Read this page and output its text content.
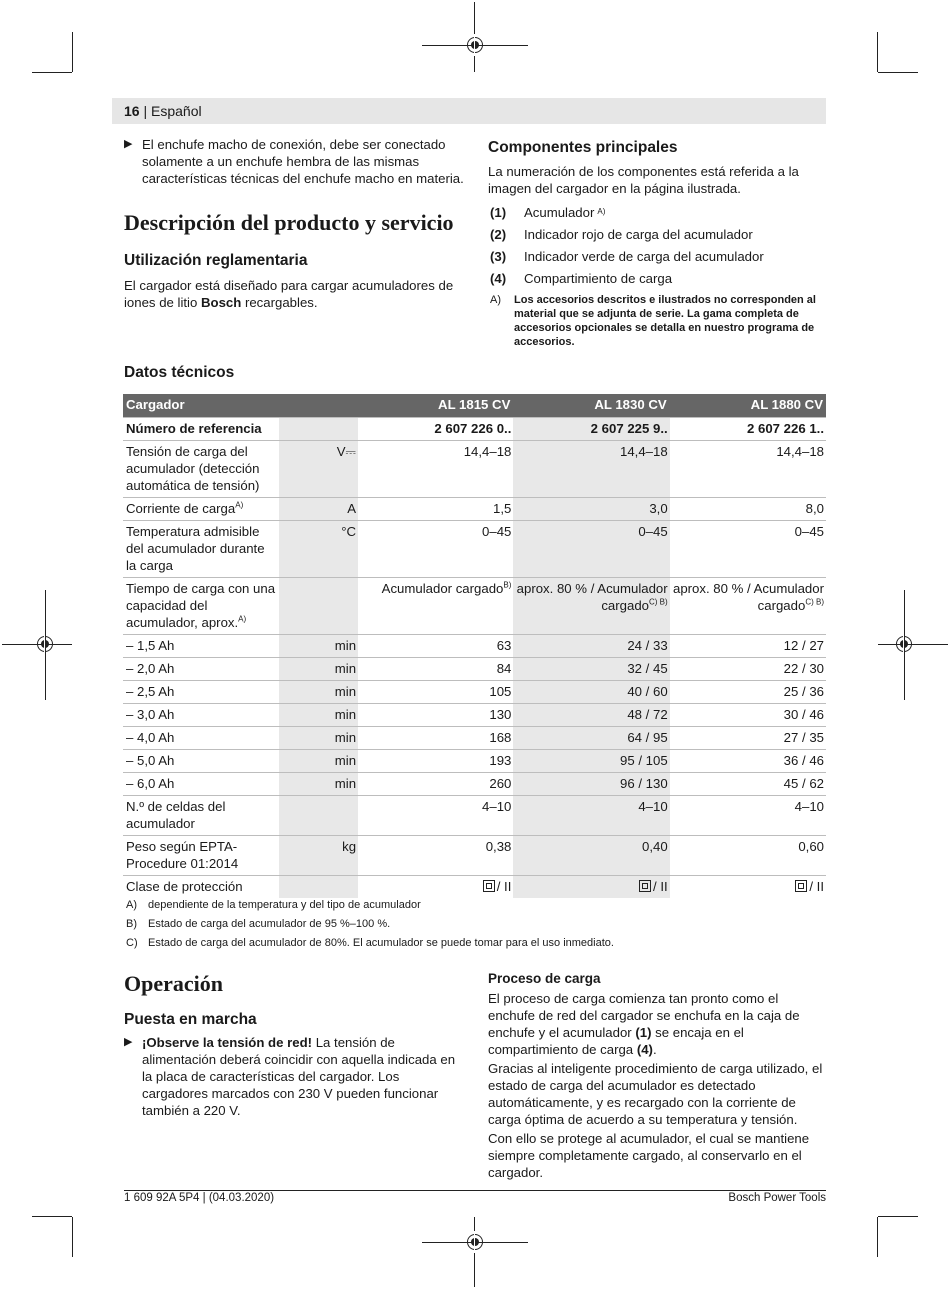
16 | Español
▶ El enchufe macho de conexión, debe ser conectado solamente a un enchufe hembra de las mismas características técnicas del enchufe macho en materia.

Descripción del producto y servicio
Utilización reglamentaria

El cargador está diseñado para cargar acumuladores de iones de litio Bosch recargables.

Componentes principales

La numeración de los componentes está referida a la imagen del cargador en la página ilustrada.

(1)	Acumulador A)
(2)	Indicador rojo de carga del acumulador
(3)	Indicador verde de carga del acumulador
(4)	Compartimiento de carga
A)	Los accesorios descritos e ilustrados no corresponden al material que se adjunta de serie. La gama completa de accesorios opcionales se detalla en nuestro programa de accesorios.
Datos técnicos
Cargador		AL 1815 CV	AL 1830 CV	AL 1880 CV
Número de referencia		2 607 226 0..	2 607 225 9..	2 607 226 1..
Tensión de carga del acumulador (detección automática de tensión)	V⎓	14,4–18	14,4–18	14,4–18
Corriente de carga$^{A)}$	A	1,5	3,0	8,0
Temperatura admisible del acumulador durante la carga	°C	0–45	0–45	0–45
Tiempo de carga con una capacidad del acumulador, aprox.$^{A)}$		Acumulador cargado$^{B)}$	aprox. 80 % / Acumulador cargado$^{C) B)}$	aprox. 80 % / Acumulador cargado$^{C) B)}$
– 1,5 Ah	min	63	24 / 33	12 / 27
– 2,0 Ah	min	84	32 / 45	22 / 30
– 2,5 Ah	min	105	40 / 60	25 / 36
– 3,0 Ah	min	130	48 / 72	30 / 46
– 4,0 Ah	min	168	64 / 95	27 / 35
– 5,0 Ah	min	193	95 / 105	36 / 46
– 6,0 Ah	min	260	96 / 130	45 / 62
N.º de celdas del acumulador		4–10	4–10	4–10
Peso según EPTA-Procedure 01:2014	kg	0,38	0,40	0,60
Clase de protección		/ II	/ II	/ II
A)	dependiente de la temperatura y del tipo de acumulador
B)	Estado de carga del acumulador de 95 %–100 %.
C) Estado de carga del acumulador de 80%. El acumulador se puede tomar para el uso inmediato.
Operación
Puesta en marcha
▶ ¡Observe la tensión de red! La tensión de alimentación deberá coincidir con aquella indicada en la placa de características del cargador. Los cargadores marcados con 230 V pueden funcionar también a 220 V.

Proceso de carga

El proceso de carga comienza tan pronto como el enchufe de red del cargador se enchufa en la caja de enchufe y el acumulador (1) se encaja en el compartimiento de carga (4).

Gracias al inteligente procedimiento de carga utilizado, el estado de carga del acumulador es detectado automáticamente, y es recargado con la corriente de carga óptima de acuerdo a su temperatura y tensión.

Con ello se protege al acumulador, el cual se mantiene siempre completamente cargado, al conservarlo en el cargador.

1 609 92A 5P4 | (04.03.2020)	Bosch Power Tools
